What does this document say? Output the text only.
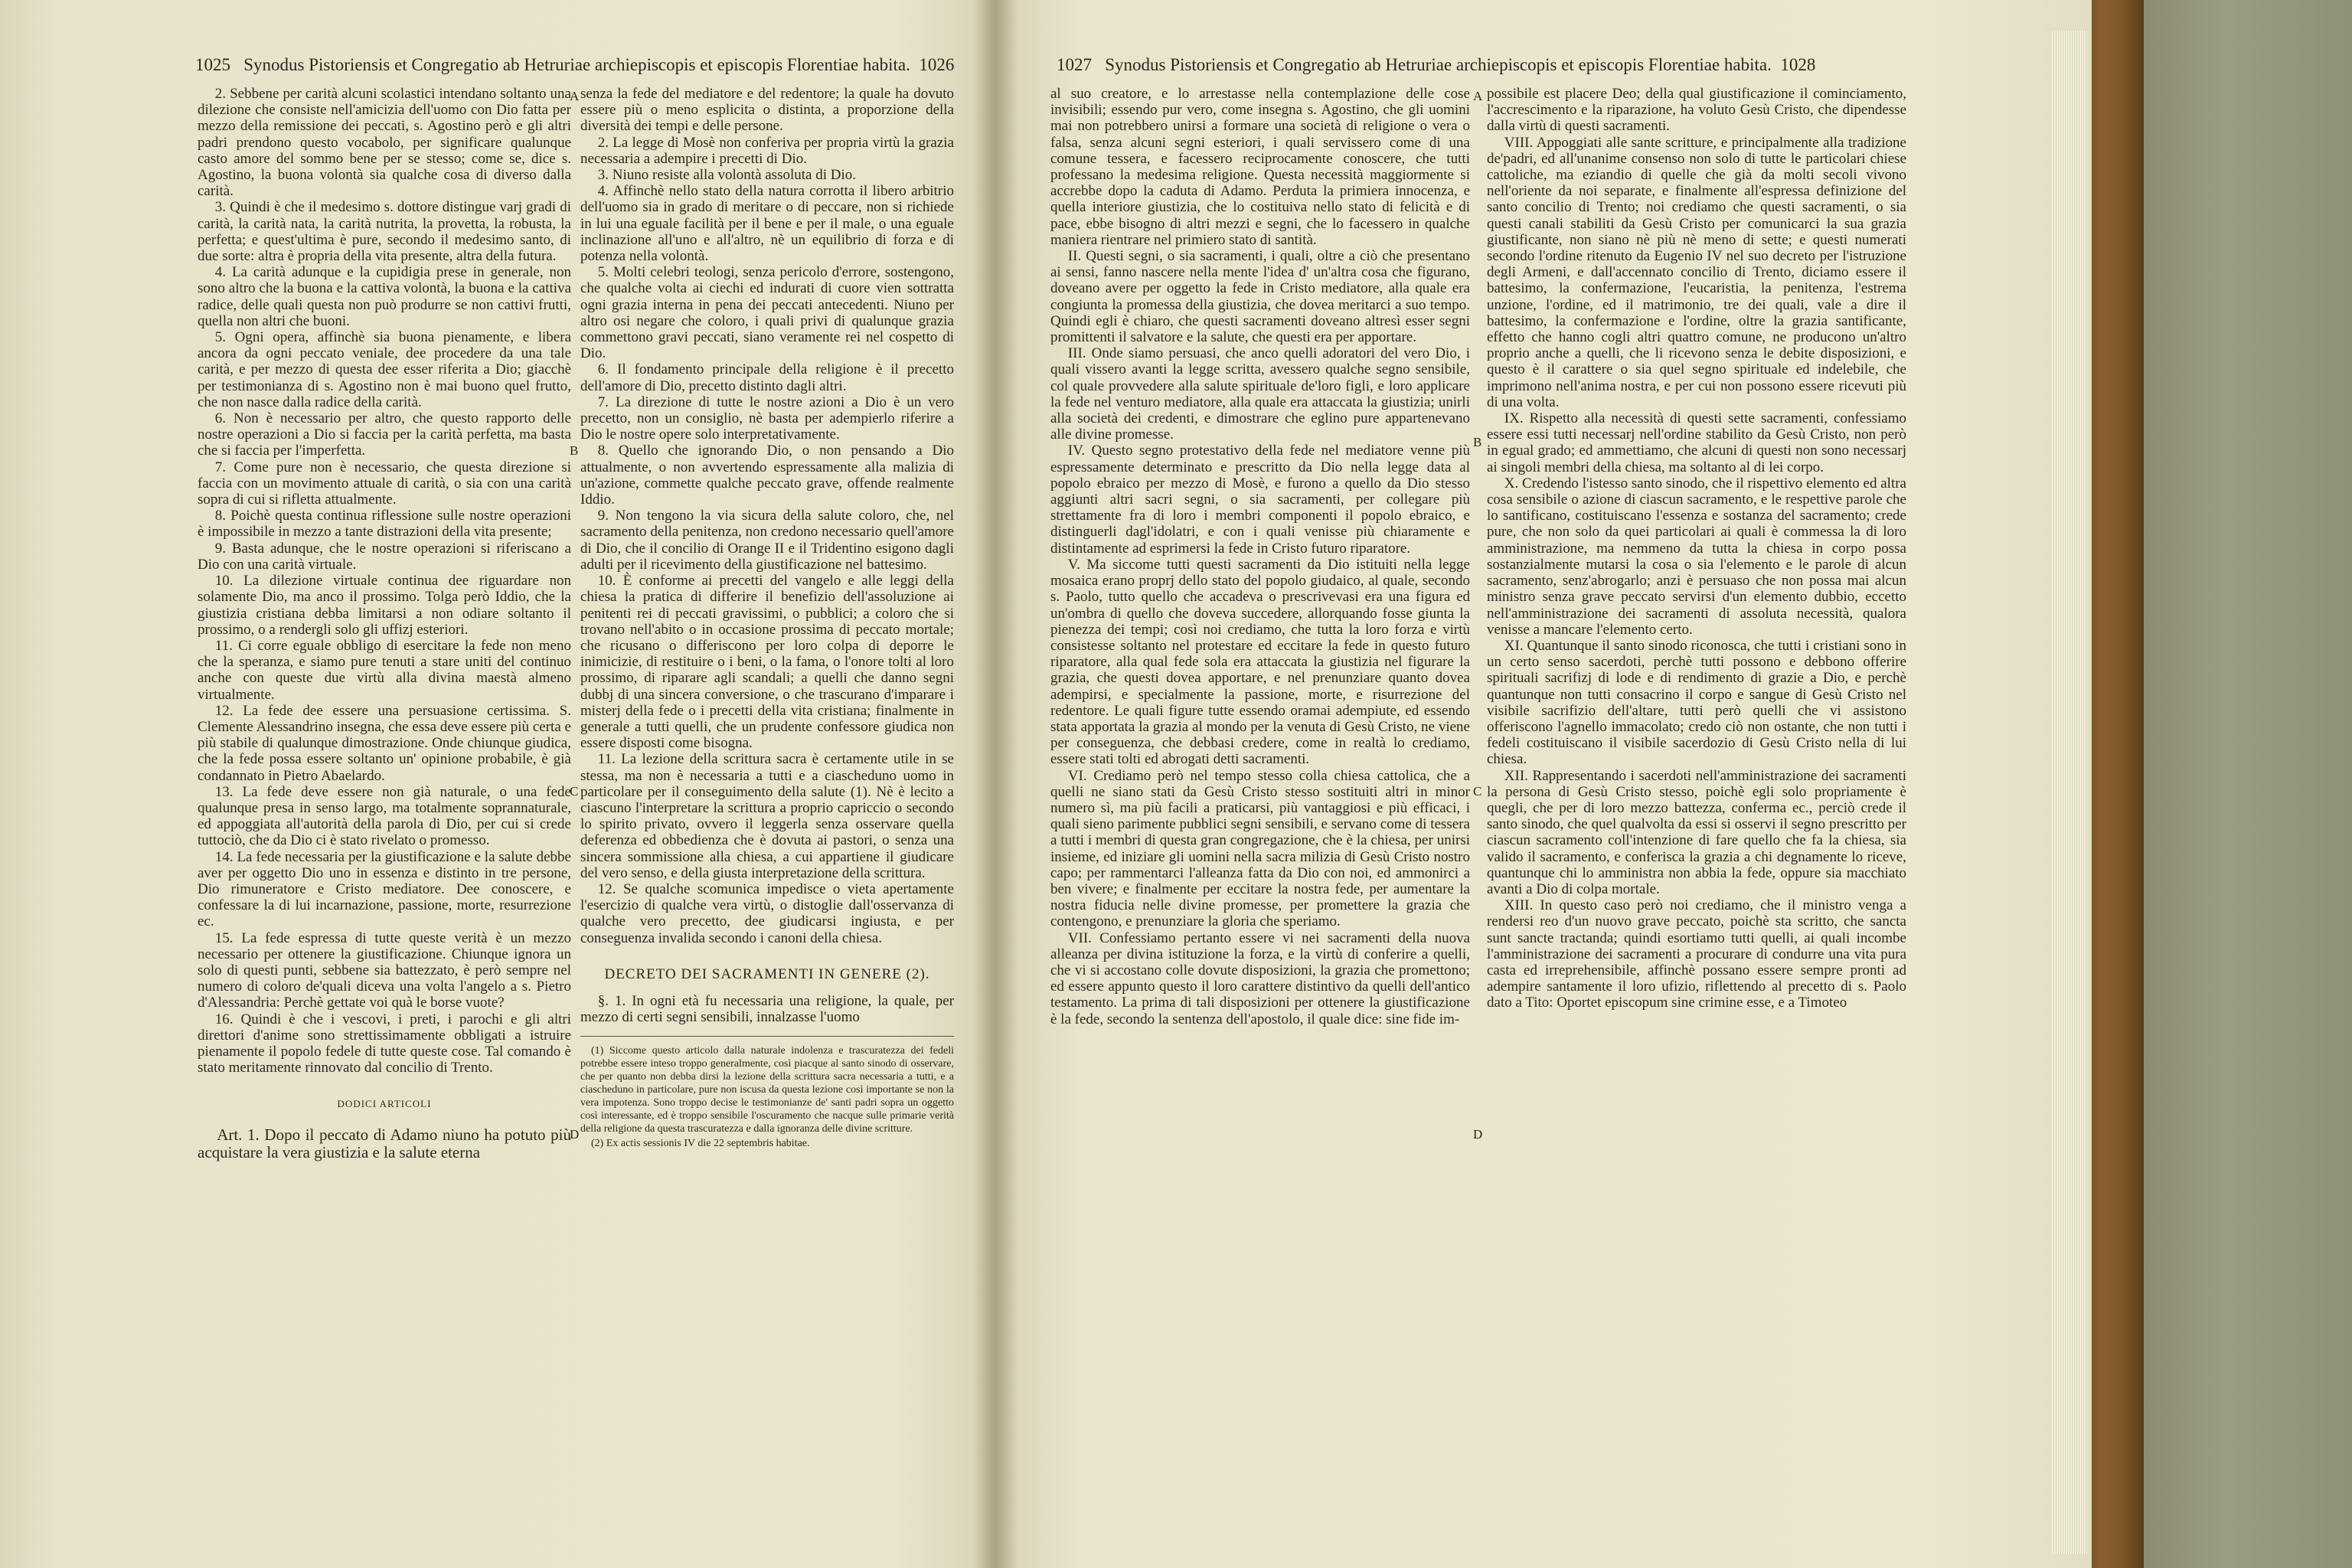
1025 Synodus Pistoriensis et Congregatio ab Hetruriae archiepiscopis et episcopis Florentiae habita. 1026

2. Sebbene per carità alcuni scolastici intendano soltanto una dilezione che consiste nell'amicizia dell'uomo con Dio fatta per mezzo della remissione dei peccati, s. Agostino però e gli altri padri prendono questo vocabolo, per significare qualunque casto amore del sommo bene per se stesso; come se, dice s. Agostino, la buona volontà sia qualche cosa di diverso dalla carità.

3. Quindi è che il medesimo s. dottore distingue varj gradi di carità, la carità nata, la carità nutrita, la provetta, la robusta, la perfetta; e quest'ultima è pure, secondo il medesimo santo, di due sorte: altra è propria della vita presente, altra della futura.

4. La carità adunque e la cupidigia prese in generale, non sono altro che la buona e la cattiva volontà, la buona e la cattiva radice, delle quali questa non può produrre se non cattivi frutti, quella non altri che buoni.

5. Ogni opera, affinchè sia buona pienamente, e libera ancora da ogni peccato veniale, dee procedere da una tale carità, e per mezzo di questa dee esser riferita a Dio; giacchè per testimonianza di s. Agostino non è mai buono quel frutto, che non nasce dalla radice della carità.

6. Non è necessario per altro, che questo rapporto delle nostre operazioni a Dio si faccia per la carità perfetta, ma basta che si faccia per l'imperfetta.

7. Come pure non è necessario, che questa direzione si faccia con un movimento attuale di carità, o sia con una carità sopra di cui si rifletta attualmente.

8. Poichè questa continua riflessione sulle nostre operazioni è impossibile in mezzo a tante distrazioni della vita presente;

9. Basta adunque, che le nostre operazioni si riferiscano a Dio con una carità virtuale.

10. La dilezione virtuale continua dee riguardare non solamente Dio, ma anco il prossimo. Tolga però Iddio, che la giustizia cristiana debba limitarsi a non odiare soltanto il prossimo, o a rendergli solo gli uffizj esteriori.

11. Ci corre eguale obbligo di esercitare la fede non meno che la speranza, e siamo pure tenuti a stare uniti del continuo anche con queste due virtù alla divina maestà almeno virtualmente.

12. La fede dee essere una persuasione certissima. S. Clemente Alessandrino insegna, che essa deve essere più certa e più stabile di qualunque dimostrazione. Onde chiunque giudica, che la fede possa essere soltanto un' opinione probabile, è già condannato in Pietro Abaelardo.

13. La fede deve essere non già naturale, o una fede qualunque presa in senso largo, ma totalmente soprannaturale, ed appoggiata all'autorità della parola di Dio, per cui si crede tuttociò, che da Dio ci è stato rivelato o promesso.

14. La fede necessaria per la giustificazione e la salute debbe aver per oggetto Dio uno in essenza e distinto in tre persone, Dio rimuneratore e Cristo mediatore. Dee conoscere, e confessare la di lui incarnazione, passione, morte, resurrezione ec.

15. La fede espressa di tutte queste verità è un mezzo necessario per ottenere la giustificazione. Chiunque ignora un solo di questi punti, sebbene sia battezzato, è però sempre nel numero di coloro de'quali diceva una volta l'angelo a s. Pietro d'Alessandria: Perchè gettate voi quà le borse vuote?

16. Quindi è che i vescovi, i preti, i parochi e gli altri direttori d'anime sono strettissimamente obbligati a istruire pienamente il popolo fedele di tutte queste cose. Tal comando è stato meritamente rinnovato dal concilio di Trento.

DODICI ARTICOLI

Art. 1. Dopo il peccato di Adamo niuno ha potuto più acquistare la vera giustizia e la salute eterna

senza la fede del mediatore e del redentore; la quale ha dovuto essere più o meno esplicita o distinta, a proporzione della diversità dei tempi e delle persone.

2. La legge di Mosè non conferiva per propria virtù la grazia necessaria a adempire i precetti di Dio.

3. Niuno resiste alla volontà assoluta di Dio.

4. Affinchè nello stato della natura corrotta il libero arbitrio dell'uomo sia in grado di meritare o di peccare, non si richiede in lui una eguale facilità per il bene e per il male, o una eguale inclinazione all'uno e all'altro, nè un equilibrio di forza e di potenza nella volontà.

5. Molti celebri teologi, senza pericolo d'errore, sostengono, che qualche volta ai ciechi ed indurati di cuore vien sottratta ogni grazia interna in pena dei peccati antecedenti. Niuno per altro osi negare che coloro, i quali privi di qualunque grazia commettono gravi peccati, siano veramente rei nel cospetto di Dio.

6. Il fondamento principale della religione è il precetto dell'amore di Dio, precetto distinto dagli altri.

7. La direzione di tutte le nostre azioni a Dio è un vero precetto, non un consiglio, nè basta per adempierlo riferire a Dio le nostre opere solo interpretativamente.

8. Quello che ignorando Dio, o non pensando a Dio attualmente, o non avvertendo espressamente alla malizia di un'azione, commette qualche peccato grave, offende realmente Iddio.

9. Non tengono la via sicura della salute coloro, che, nel sacramento della penitenza, non credono necessario quell'amore di Dio, che il concilio di Orange II e il Tridentino esigono dagli adulti per il ricevimento della giustificazione nel battesimo.

10. È conforme ai precetti del vangelo e alle leggi della chiesa la pratica di differire il benefizio dell'assoluzione ai penitenti rei di peccati gravissimi, o pubblici; a coloro che si trovano nell'abito o in occasione prossima di peccato mortale; che ricusano o differiscono per loro colpa di deporre le inimicizie, di restituire o i beni, o la fama, o l'onore tolti al loro prossimo, di riparare agli scandali; a quelli che danno segni dubbj di una sincera conversione, o che trascurano d'imparare i misterj della fede o i precetti della vita cristiana; finalmente in generale a tutti quelli, che un prudente confessore giudica non essere disposti come bisogna.

11. La lezione della scrittura sacra è certamente utile in se stessa, ma non è necessaria a tutti e a ciascheduno uomo in particolare per il conseguimento della salute (1). Nè è lecito a ciascuno l'interpretare la scrittura a proprio capriccio o secondo lo spirito privato, ovvero il leggerla senza osservare quella deferenza ed obbedienza che è dovuta ai pastori, o senza una sincera sommissione alla chiesa, a cui appartiene il giudicare del vero senso, e della giusta interpretazione della scrittura.

12. Se qualche scomunica impedisce o vieta apertamente l'esercizio di qualche vera virtù, o distoglie dall'osservanza di qualche vero precetto, dee giudicarsi ingiusta, e per conseguenza invalida secondo i canoni della chiesa.

DECRETO DEI SACRAMENTI IN GENERE (2).

§. 1. In ogni età fu necessaria una religione, la quale, per mezzo di certi segni sensibili, innalzasse l'uomo

(1) Siccome questo articolo dalla naturale indolenza e trascuratezza dei fedeli potrebbe essere inteso troppo generalmente, così piacque al santo sinodo di osservare, che per quanto non debba dirsi la lezione della scrittura sacra necessaria a tutti, e a ciascheduno in particolare, pure non iscusa da questa lezione così importante se non la vera impotenza. Sono troppo decise le testimonianze de' santi padri sopra un oggetto così interessante, ed è troppo sensibile l'oscuramento che nacque sulle primarie verità della religione da questa trascuratezza e dalla ignoranza delle divine scritture.

(2) Ex actis sessionis IV die 22 septembris habitae.

A
B
C
D
1027 Synodus Pistoriensis et Congregatio ab Hetruriae archiepiscopis et episcopis Florentiae habita. 1028

al suo creatore, e lo arrestasse nella contemplazione delle cose invisibili; essendo pur vero, come insegna s. Agostino, che gli uomini mai non potrebbero unirsi a formare una società di religione o vera o falsa, senza alcuni segni esteriori, i quali servissero come di una comune tessera, e facessero reciprocamente conoscere, che tutti professano la medesima religione. Questa necessità maggiormente si accrebbe dopo la caduta di Adamo. Perduta la primiera innocenza, e quella interiore giustizia, che lo costituiva nello stato di felicità e di pace, ebbe bisogno di altri mezzi e segni, che lo facessero in qualche maniera rientrare nel primiero stato di santità.

II. Questi segni, o sia sacramenti, i quali, oltre a ciò che presentano ai sensi, fanno nascere nella mente l'idea d' un'altra cosa che figurano, doveano avere per oggetto la fede in Cristo mediatore, alla quale era congiunta la promessa della giustizia, che dovea meritarci a suo tempo. Quindi egli è chiaro, che questi sacramenti doveano altresì esser segni promittenti il salvatore e la salute, che questi era per apportare.

III. Onde siamo persuasi, che anco quelli adoratori del vero Dio, i quali vissero avanti la legge scritta, avessero qualche segno sensibile, col quale provvedere alla salute spirituale de'loro figli, e loro applicare la fede nel venturo mediatore, alla quale era attaccata la giustizia; unirli alla società dei credenti, e dimostrare che eglino pure appartenevano alle divine promesse.

IV. Questo segno protestativo della fede nel mediatore venne più espressamente determinato e prescritto da Dio nella legge data al popolo ebraico per mezzo di Mosè, e furono a quello da Dio stesso aggiunti altri sacri segni, o sia sacramenti, per collegare più strettamente fra di loro i membri componenti il popolo ebraico, e distinguerli dagl'idolatri, e con i quali venisse più chiaramente e distintamente ad esprimersi la fede in Cristo futuro riparatore.

V. Ma siccome tutti questi sacramenti da Dio istituiti nella legge mosaica erano proprj dello stato del popolo giudaico, al quale, secondo s. Paolo, tutto quello che accadeva o prescrivevasi era una figura ed un'ombra di quello che doveva succedere, allorquando fosse giunta la pienezza dei tempi; così noi crediamo, che tutta la loro forza e virtù consistesse soltanto nel protestare ed eccitare la fede in questo futuro riparatore, alla qual fede sola era attaccata la giustizia nel figurare la grazia, che questi dovea apportare, e nel prenunziare quanto dovea adempirsi, e specialmente la passione, morte, e risurrezione del redentore. Le quali figure tutte essendo oramai adempiute, ed essendo stata apportata la grazia al mondo per la venuta di Gesù Cristo, ne viene per conseguenza, che debbasi credere, come in realtà lo crediamo, essere stati tolti ed abrogati detti sacramenti.

VI. Crediamo però nel tempo stesso colla chiesa cattolica, che a quelli ne siano stati da Gesù Cristo stesso sostituiti altri in minor numero sì, ma più facili a praticarsi, più vantaggiosi e più efficaci, i quali sieno parimente pubblici segni sensibili, e servano come di tessera a tutti i membri di questa gran congregazione, che è la chiesa, per unirsi insieme, ed iniziare gli uomini nella sacra milizia di Gesù Cristo nostro capo; per rammentarci l'alleanza fatta da Dio con noi, ed ammonirci a ben vivere; e finalmente per eccitare la nostra fede, per aumentare la nostra fiducia nelle divine promesse, per promettere la grazia che contengono, e prenunziare la gloria che speriamo.

VII. Confessiamo pertanto essere vi nei sacramenti della nuova alleanza per divina istituzione la forza, e la virtù di conferire a quelli, che vi si accostano colle dovute disposizioni, la grazia che promettono; ed essere appunto questo il loro carattere distintivo da quelli dell'antico testamento. La prima di tali disposizioni per ottenere la giustificazione è la fede, secondo la sentenza dell'apostolo, il quale dice: sine fide im-

possibile est placere Deo; della qual giustificazione il cominciamento, l'accrescimento e la riparazione, ha voluto Gesù Cristo, che dipendesse dalla virtù di questi sacramenti.

VIII. Appoggiati alle sante scritture, e principalmente alla tradizione de'padri, ed all'unanime consenso non solo di tutte le particolari chiese cattoliche, ma eziandio di quelle che già da molti secoli vivono nell'oriente da noi separate, e finalmente all'espressa definizione del santo concilio di Trento; noi crediamo che questi sacramenti, o sia questi canali stabiliti da Gesù Cristo per comunicarci la sua grazia giustificante, non siano nè più nè meno di sette; e questi numerati secondo l'ordine ritenuto da Eugenio IV nel suo decreto per l'istruzione degli Armeni, e dall'accennato concilio di Trento, diciamo essere il battesimo, la confermazione, l'eucaristia, la penitenza, l'estrema unzione, l'ordine, ed il matrimonio, tre dei quali, vale a dire il battesimo, la confermazione e l'ordine, oltre la grazia santificante, effetto che hanno cogli altri quattro comune, ne producono un'altro proprio anche a quelli, che li ricevono senza le debite disposizioni, e questo è il carattere o sia quel segno spirituale ed indelebile, che imprimono nell'anima nostra, e per cui non possono essere ricevuti più di una volta.

IX. Rispetto alla necessità di questi sette sacramenti, confessiamo essere essi tutti necessarj nell'ordine stabilito da Gesù Cristo, non però in egual grado; ed ammettiamo, che alcuni di questi non sono necessarj ai singoli membri della chiesa, ma soltanto al di lei corpo.

X. Credendo l'istesso santo sinodo, che il rispettivo elemento ed altra cosa sensibile o azione di ciascun sacramento, e le respettive parole che lo santificano, costituiscano l'essenza e sostanza del sacramento; crede pure, che non solo da quei particolari ai quali è commessa la di loro amministrazione, ma nemmeno da tutta la chiesa in corpo possa sostanzialmente mutarsi la cosa o sia l'elemento e le parole di alcun sacramento, senz'abrogarlo; anzi è persuaso che non possa mai alcun ministro senza grave peccato servirsi d'un elemento dubbio, eccetto nell'amministrazione dei sacramenti di assoluta necessità, qualora venisse a mancare l'elemento certo.

XI. Quantunque il santo sinodo riconosca, che tutti i cristiani sono in un certo senso sacerdoti, perchè tutti possono e debbono offerire spirituali sacrifizj di lode e di rendimento di grazie a Dio, e perchè quantunque non tutti consacrino il corpo e sangue di Gesù Cristo nel visibile sacrifizio dell'altare, tutti però quelli che vi assistono offeriscono l'agnello immacolato; credo ciò non ostante, che non tutti i fedeli costituiscano il visibile sacerdozio di Gesù Cristo nella di lui chiesa.

XII. Rappresentando i sacerdoti nell'amministrazione dei sacramenti la persona di Gesù Cristo stesso, poichè egli solo propriamente è quegli, che per di loro mezzo battezza, conferma ec., perciò crede il santo sinodo, che quel qualvolta da essi si osservi il segno prescritto per ciascun sacramento coll'intenzione di fare quello che fa la chiesa, sia valido il sacramento, e conferisca la grazia a chi degnamente lo riceve, quantunque chi lo amministra non abbia la fede, oppure sia macchiato avanti a Dio di colpa mortale.

XIII. In questo caso però noi crediamo, che il ministro venga a rendersi reo d'un nuovo grave peccato, poichè sta scritto, che sancta sunt sancte tractanda; quindi esortiamo tutti quelli, ai quali incombe l'amministrazione dei sacramenti a procurare di condurre una vita pura casta ed irreprehensibile, affinchè possano essere sempre pronti ad adempire santamente il loro ufizio, riflettendo al precetto di s. Paolo dato a Tito: Oportet episcopum sine crimine esse, e a Timoteo

A
B
C
D
